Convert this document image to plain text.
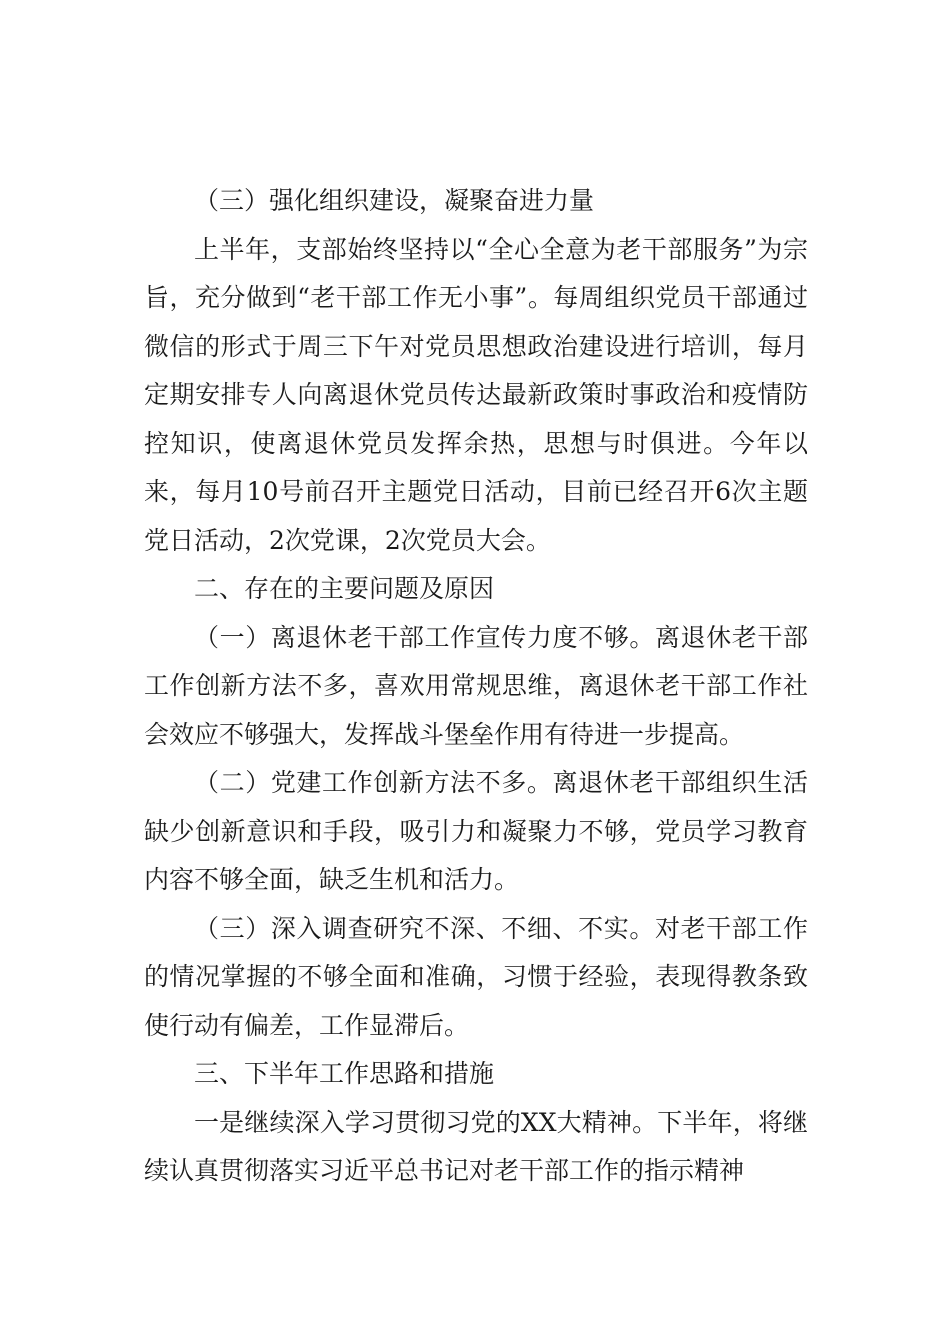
（三）强化组织建设，凝聚奋进力量

上半年，支部始终坚持以“全心全意为老干部服务”为宗旨，充分做到“老干部工作无小事”。每周组织党员干部通过微信的形式于周三下午对党员思想政治建设进行培训，每月定期安排专人向离退休党员传达最新政策时事政治和疫情防控知识，使离退休党员发挥余热，思想与时俱进。今年以来，每月10号前召开主题党日活动，目前已经召开6次主题党日活动，2次党课，2次党员大会。

二、存在的主要问题及原因

（一）离退休老干部工作宣传力度不够。离退休老干部工作创新方法不多，喜欢用常规思维，离退休老干部工作社会效应不够强大，发挥战斗堡垒作用有待进一步提高。

（二）党建工作创新方法不多。离退休老干部组织生活缺少创新意识和手段，吸引力和凝聚力不够，党员学习教育内容不够全面，缺乏生机和活力。

（三）深入调查研究不深、不细、不实。对老干部工作的情况掌握的不够全面和准确，习惯于经验，表现得教条致使行动有偏差，工作显滞后。

三、下半年工作思路和措施

一是继续深入学习贯彻习党的XX大精神。下半年，将继续认真贯彻落实习近平总书记对老干部工作的指示精神
